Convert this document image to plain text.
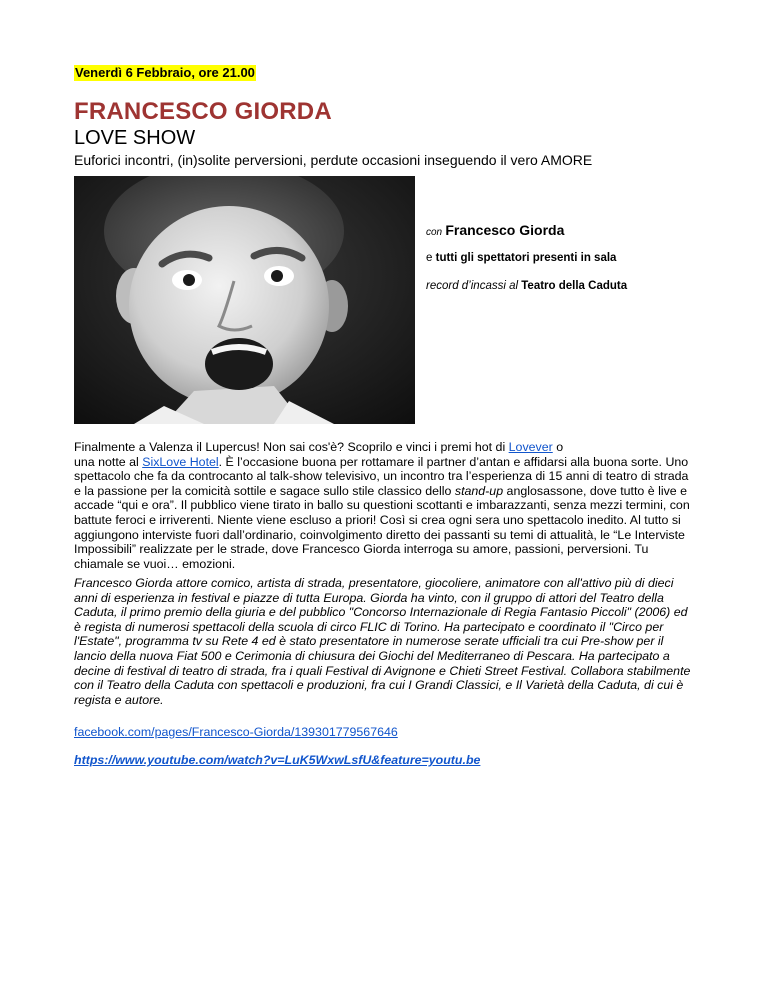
Venerdì 6 Febbraio, ore 21.00
FRANCESCO GIORDA
LOVE SHOW
Euforici incontri, (in)solite perversioni, perdute occasioni inseguendo il vero AMORE
con Francesco Giorda
e tutti gli spettatori presenti in sala
record d’incassi al Teatro della Caduta

Finalmente a Valenza il Lupercus! Non sai cos'è? Scoprilo e vinci i premi hot di Lovever o
una notte al SixLove Hotel. È l’occasione buona per rottamare il partner d’antan e affidarsi alla buona sorte. Uno spettacolo che fa da controcanto al talk-show televisivo, un incontro tra l’esperienza di 15 anni di teatro di strada e la passione per la comicità sottile e sagace sullo stile classico dello stand-up anglosassone, dove tutto è live e accade “qui e ora”. Il pubblico viene tirato in ballo su questioni scottanti e imbarazzanti, senza mezzi termini, con battute feroci e irriverenti. Niente viene escluso a priori! Così si crea ogni sera uno spettacolo inedito. Al tutto si aggiungono interviste fuori dall’ordinario, coinvolgimento diretto dei passanti su temi di attualità, le “Le Interviste Impossibili” realizzate per le strade, dove Francesco Giorda interroga su amore, passioni, perversioni. Tu chiamale se vuoi… emozioni.

Francesco Giorda attore comico, artista di strada, presentatore, giocoliere, animatore con all'attivo più di dieci anni di esperienza in festival e piazze di tutta Europa. Giorda ha vinto, con il gruppo di attori del Teatro della Caduta, il primo premio della giuria e del pubblico "Concorso Internazionale di Regia Fantasio Piccoli" (2006) ed è regista di numerosi spettacoli della scuola di circo FLIC di Torino. Ha partecipato e coordinato il "Circo per l'Estate", programma tv su Rete 4 ed è stato presentatore in numerose serate ufficiali tra cui Pre-show per il lancio della nuova Fiat 500 e Cerimonia di chiusura dei Giochi del Mediterraneo di Pescara. Ha partecipato a decine di festival di teatro di strada, fra i quali Festival di Avignone e Chieti Street Festival. Collabora stabilmente con il Teatro della Caduta con spettacoli e produzioni, fra cui I Grandi Classici, e Il Varietà della Caduta, di cui è regista e autore.

facebook.com/pages/Francesco-Giorda/139301779567646
https://www.youtube.com/watch?v=LuK5WxwLsfU&feature=youtu.be
